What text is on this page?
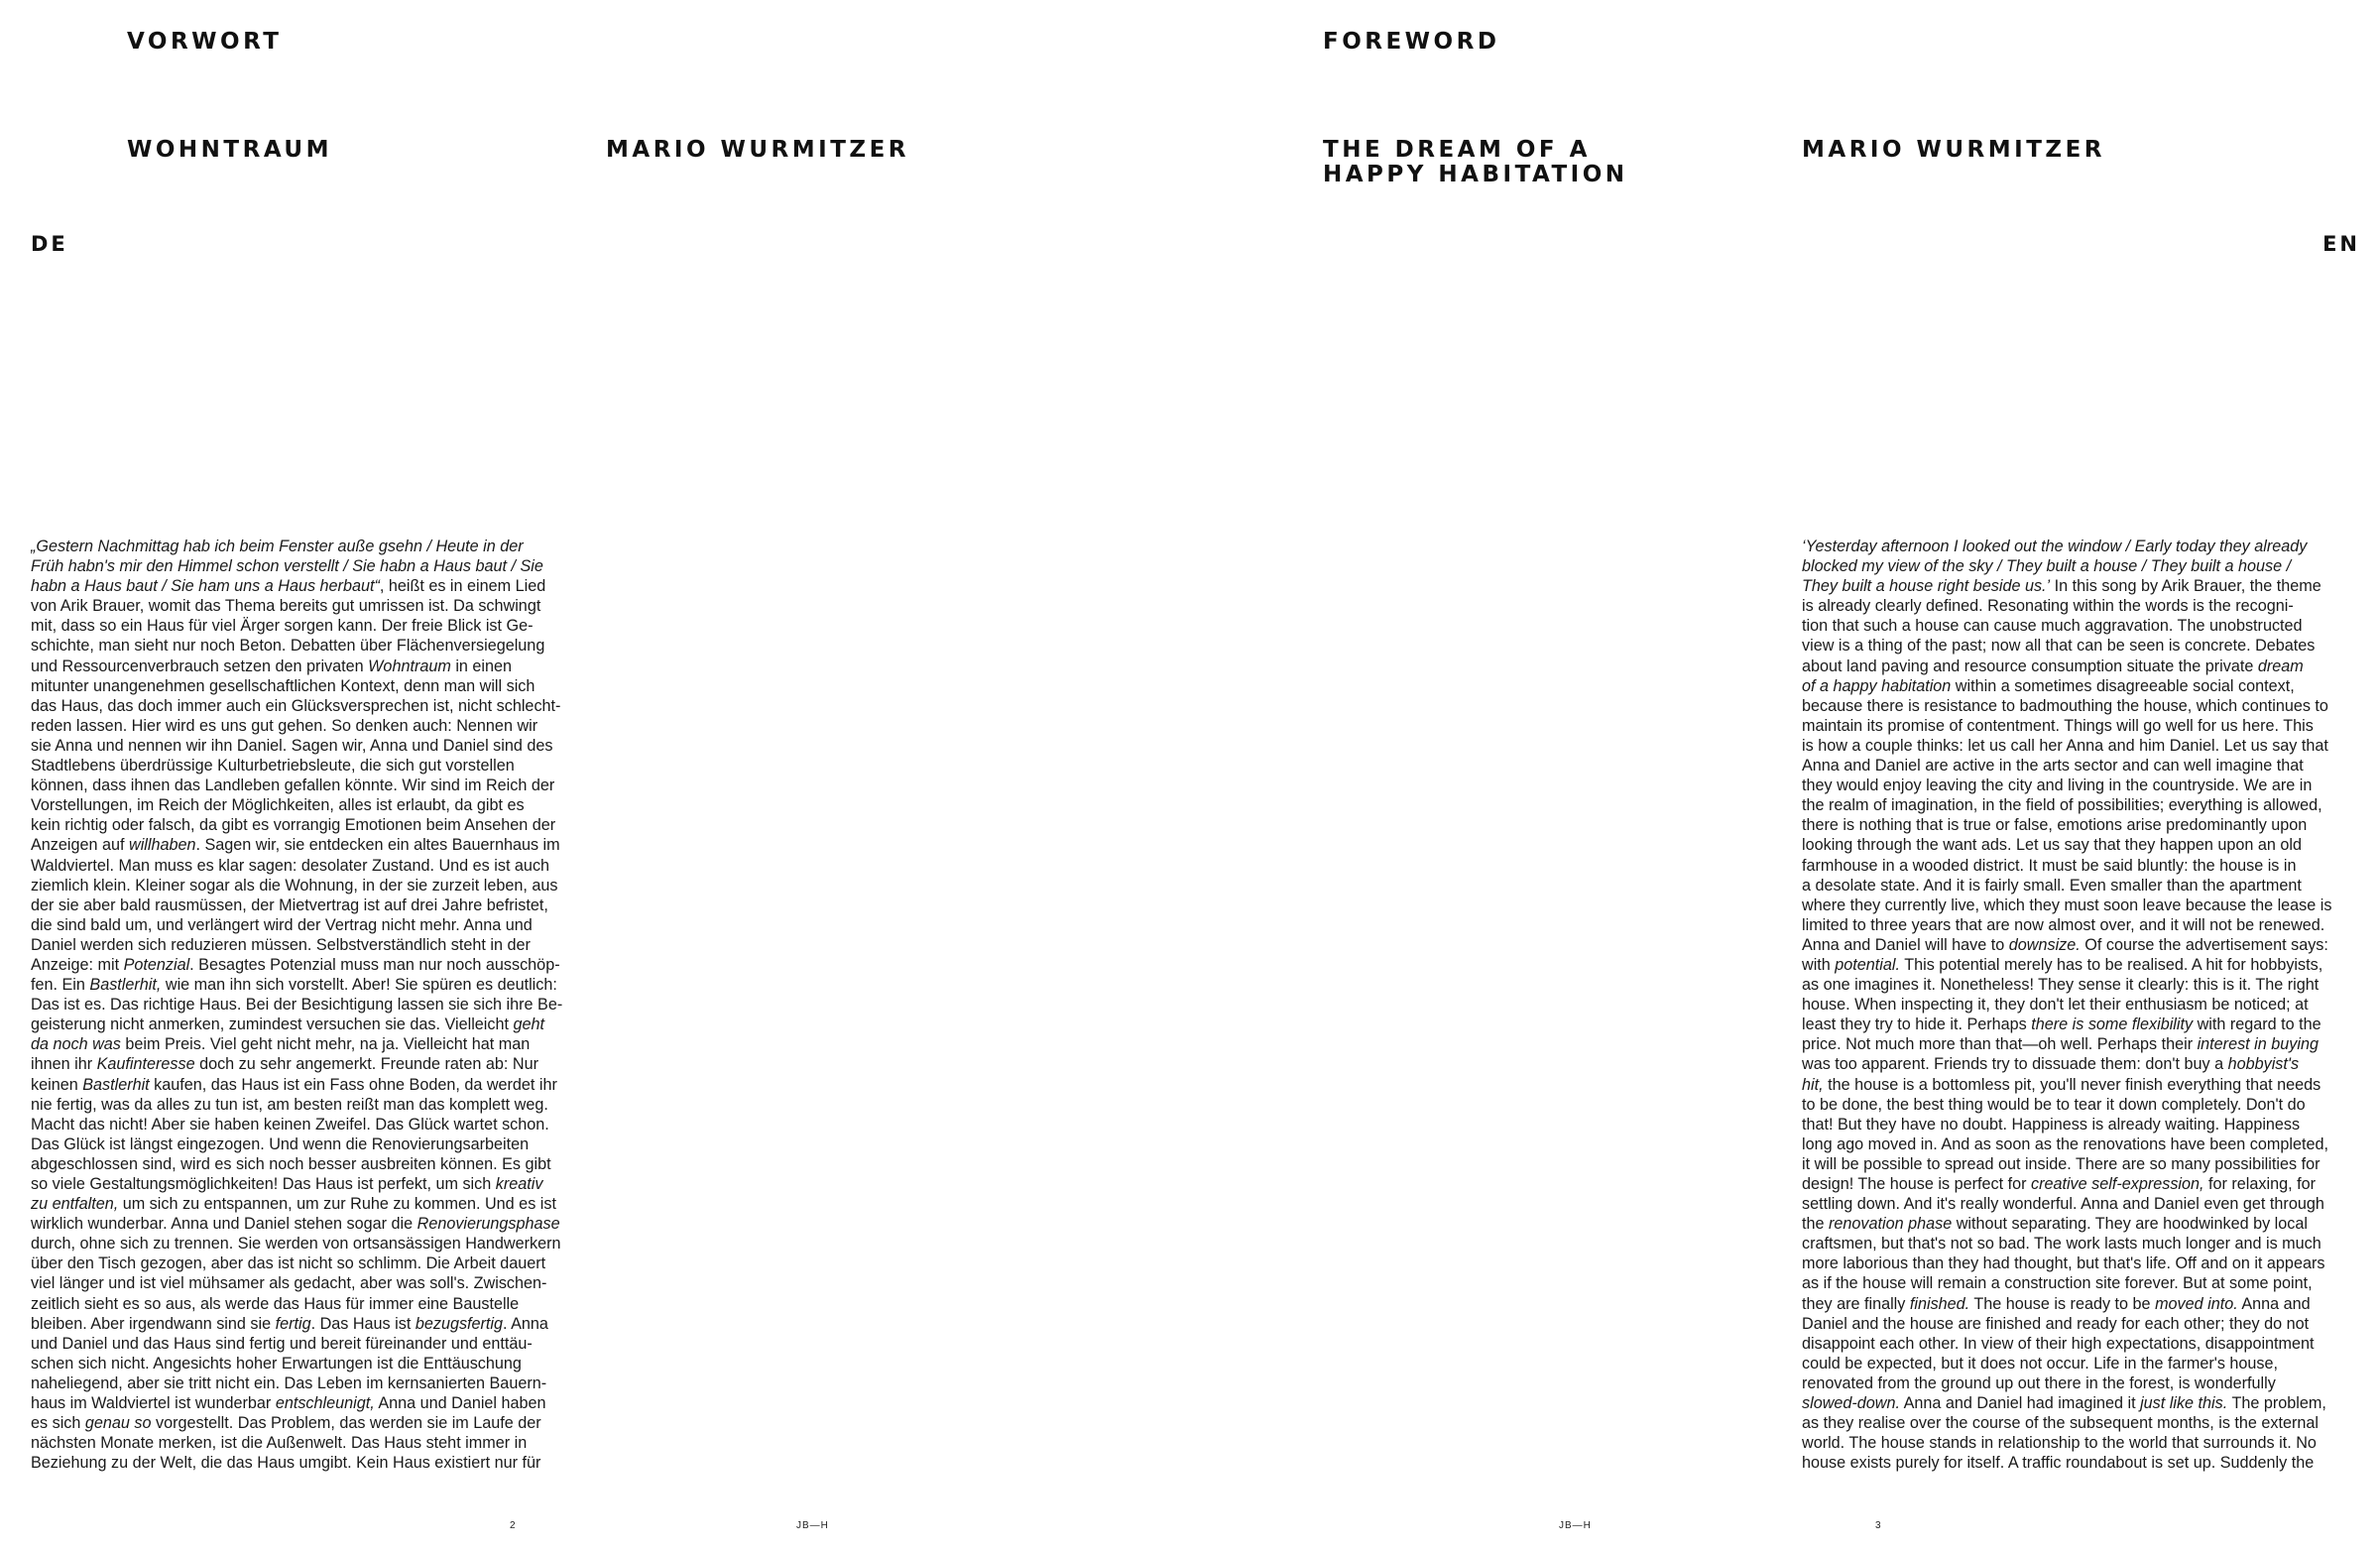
VORWORT
WOHNTRAUM	MARIO WURMITZER
DE
„Gestern Nachmittag hab ich beim Fenster auße gsehn / Heute in der
Früh habn's mir den Himmel schon verstellt / Sie habn a Haus baut / Sie
habn a Haus baut / Sie ham uns a Haus herbaut“, heißt es in einem Lied
von Arik Brauer, womit das Thema bereits gut umrissen ist. Da schwingt
mit, dass so ein Haus für viel Ärger sorgen kann. Der freie Blick ist Ge-
schichte, man sieht nur noch Beton. Debatten über Flächenversiegelung
und Ressourcenverbrauch setzen den privaten Wohntraum in einen
mitunter unangenehmen gesellschaftlichen Kontext, denn man will sich
das Haus, das doch immer auch ein Glücksversprechen ist, nicht schlecht-
reden lassen. Hier wird es uns gut gehen. So denken auch: Nennen wir
sie Anna und nennen wir ihn Daniel. Sagen wir, Anna und Daniel sind des
Stadtlebens überdrüssige Kulturbetriebsleute, die sich gut vorstellen
können, dass ihnen das Landleben gefallen könnte. Wir sind im Reich der
Vorstellungen, im Reich der Möglichkeiten, alles ist erlaubt, da gibt es
kein richtig oder falsch, da gibt es vorrangig Emotionen beim Ansehen der
Anzeigen auf willhaben. Sagen wir, sie entdecken ein altes Bauernhaus im
Waldviertel. Man muss es klar sagen: desolater Zustand. Und es ist auch
ziemlich klein. Kleiner sogar als die Wohnung, in der sie zurzeit leben, aus
der sie aber bald rausmüssen, der Mietvertrag ist auf drei Jahre befristet,
die sind bald um, und verlängert wird der Vertrag nicht mehr. Anna und
Daniel werden sich reduzieren müssen. Selbstverständlich steht in der
Anzeige: mit Potenzial. Besagtes Potenzial muss man nur noch ausschöp-
fen. Ein Bastlerhit, wie man ihn sich vorstellt. Aber! Sie spüren es deutlich:
Das ist es. Das richtige Haus. Bei der Besichtigung lassen sie sich ihre Be-
geisterung nicht anmerken, zumindest versuchen sie das. Vielleicht geht
da noch was beim Preis. Viel geht nicht mehr, na ja. Vielleicht hat man
ihnen ihr Kaufinteresse doch zu sehr angemerkt. Freunde raten ab: Nur
keinen Bastlerhit kaufen, das Haus ist ein Fass ohne Boden, da werdet ihr
nie fertig, was da alles zu tun ist, am besten reißt man das komplett weg.
Macht das nicht! Aber sie haben keinen Zweifel. Das Glück wartet schon.
Das Glück ist längst eingezogen. Und wenn die Renovierungsarbeiten
abgeschlossen sind, wird es sich noch besser ausbreiten können. Es gibt
so viele Gestaltungsmöglichkeiten! Das Haus ist perfekt, um sich kreativ
zu entfalten, um sich zu entspannen, um zur Ruhe zu kommen. Und es ist
wirklich wunderbar. Anna und Daniel stehen sogar die Renovierungsphase
durch, ohne sich zu trennen. Sie werden von ortsansässigen Handwerkern
über den Tisch gezogen, aber das ist nicht so schlimm. Die Arbeit dauert
viel länger und ist viel mühsamer als gedacht, aber was soll's. Zwischen-
zeitlich sieht es so aus, als werde das Haus für immer eine Baustelle
bleiben. Aber irgendwann sind sie fertig. Das Haus ist bezugsfertig. Anna
und Daniel und das Haus sind fertig und bereit füreinander und enttäu-
schen sich nicht. Angesichts hoher Erwartungen ist die Enttäuschung
naheliegend, aber sie tritt nicht ein. Das Leben im kernsanierten Bauern-
haus im Waldviertel ist wunderbar entschleunigt, Anna und Daniel haben
es sich genau so vorgestellt. Das Problem, das werden sie im Laufe der
nächsten Monate merken, ist die Außenwelt. Das Haus steht immer in
Beziehung zu der Welt, die das Haus umgibt. Kein Haus existiert nur für
2	JB—H
FOREWORD
THE DREAM OF A
HAPPY HABITATION
MARIO WURMITZER
EN
‘Yesterday afternoon I looked out the window / Early today they already
blocked my view of the sky / They built a house / They built a house /
They built a house right beside us.’ In this song by Arik Brauer, the theme
is already clearly defined. Resonating within the words is the recogni-
tion that such a house can cause much aggravation. The unobstructed
view is a thing of the past; now all that can be seen is concrete. Debates
about land paving and resource consumption situate the private dream
of a happy habitation within a sometimes disagreeable social context,
because there is resistance to badmouthing the house, which continues to
maintain its promise of contentment. Things will go well for us here. This
is how a couple thinks: let us call her Anna and him Daniel. Let us say that
Anna and Daniel are active in the arts sector and can well imagine that
they would enjoy leaving the city and living in the countryside. We are in
the realm of imagination, in the field of possibilities; everything is allowed,
there is nothing that is true or false, emotions arise predominantly upon
looking through the want ads. Let us say that they happen upon an old
farmhouse in a wooded district. It must be said bluntly: the house is in
a desolate state. And it is fairly small. Even smaller than the apartment
where they currently live, which they must soon leave because the lease is
limited to three years that are now almost over, and it will not be renewed.
Anna and Daniel will have to downsize. Of course the advertisement says:
with potential. This potential merely has to be realised. A hit for hobbyists,
as one imagines it. Nonetheless! They sense it clearly: this is it. The right
house. When inspecting it, they don't let their enthusiasm be noticed; at
least they try to hide it. Perhaps there is some flexibility with regard to the
price. Not much more than that—oh well. Perhaps their interest in buying
was too apparent. Friends try to dissuade them: don't buy a hobbyist's
hit, the house is a bottomless pit, you'll never finish everything that needs
to be done, the best thing would be to tear it down completely. Don't do
that! But they have no doubt. Happiness is already waiting. Happiness
long ago moved in. And as soon as the renovations have been completed,
it will be possible to spread out inside. There are so many possibilities for
design! The house is perfect for creative self-expression, for relaxing, for
settling down. And it's really wonderful. Anna and Daniel even get through
the renovation phase without separating. They are hoodwinked by local
craftsmen, but that's not so bad. The work lasts much longer and is much
more laborious than they had thought, but that's life. Off and on it appears
as if the house will remain a construction site forever. But at some point,
they are finally finished. The house is ready to be moved into. Anna and
Daniel and the house are finished and ready for each other; they do not
disappoint each other. In view of their high expectations, disappointment
could be expected, but it does not occur. Life in the farmer's house,
renovated from the ground up out there in the forest, is wonderfully
slowed-down. Anna and Daniel had imagined it just like this. The problem,
as they realise over the course of the subsequent months, is the external
world. The house stands in relationship to the world that surrounds it. No
house exists purely for itself. A traffic roundabout is set up. Suddenly the
JB—H	3
